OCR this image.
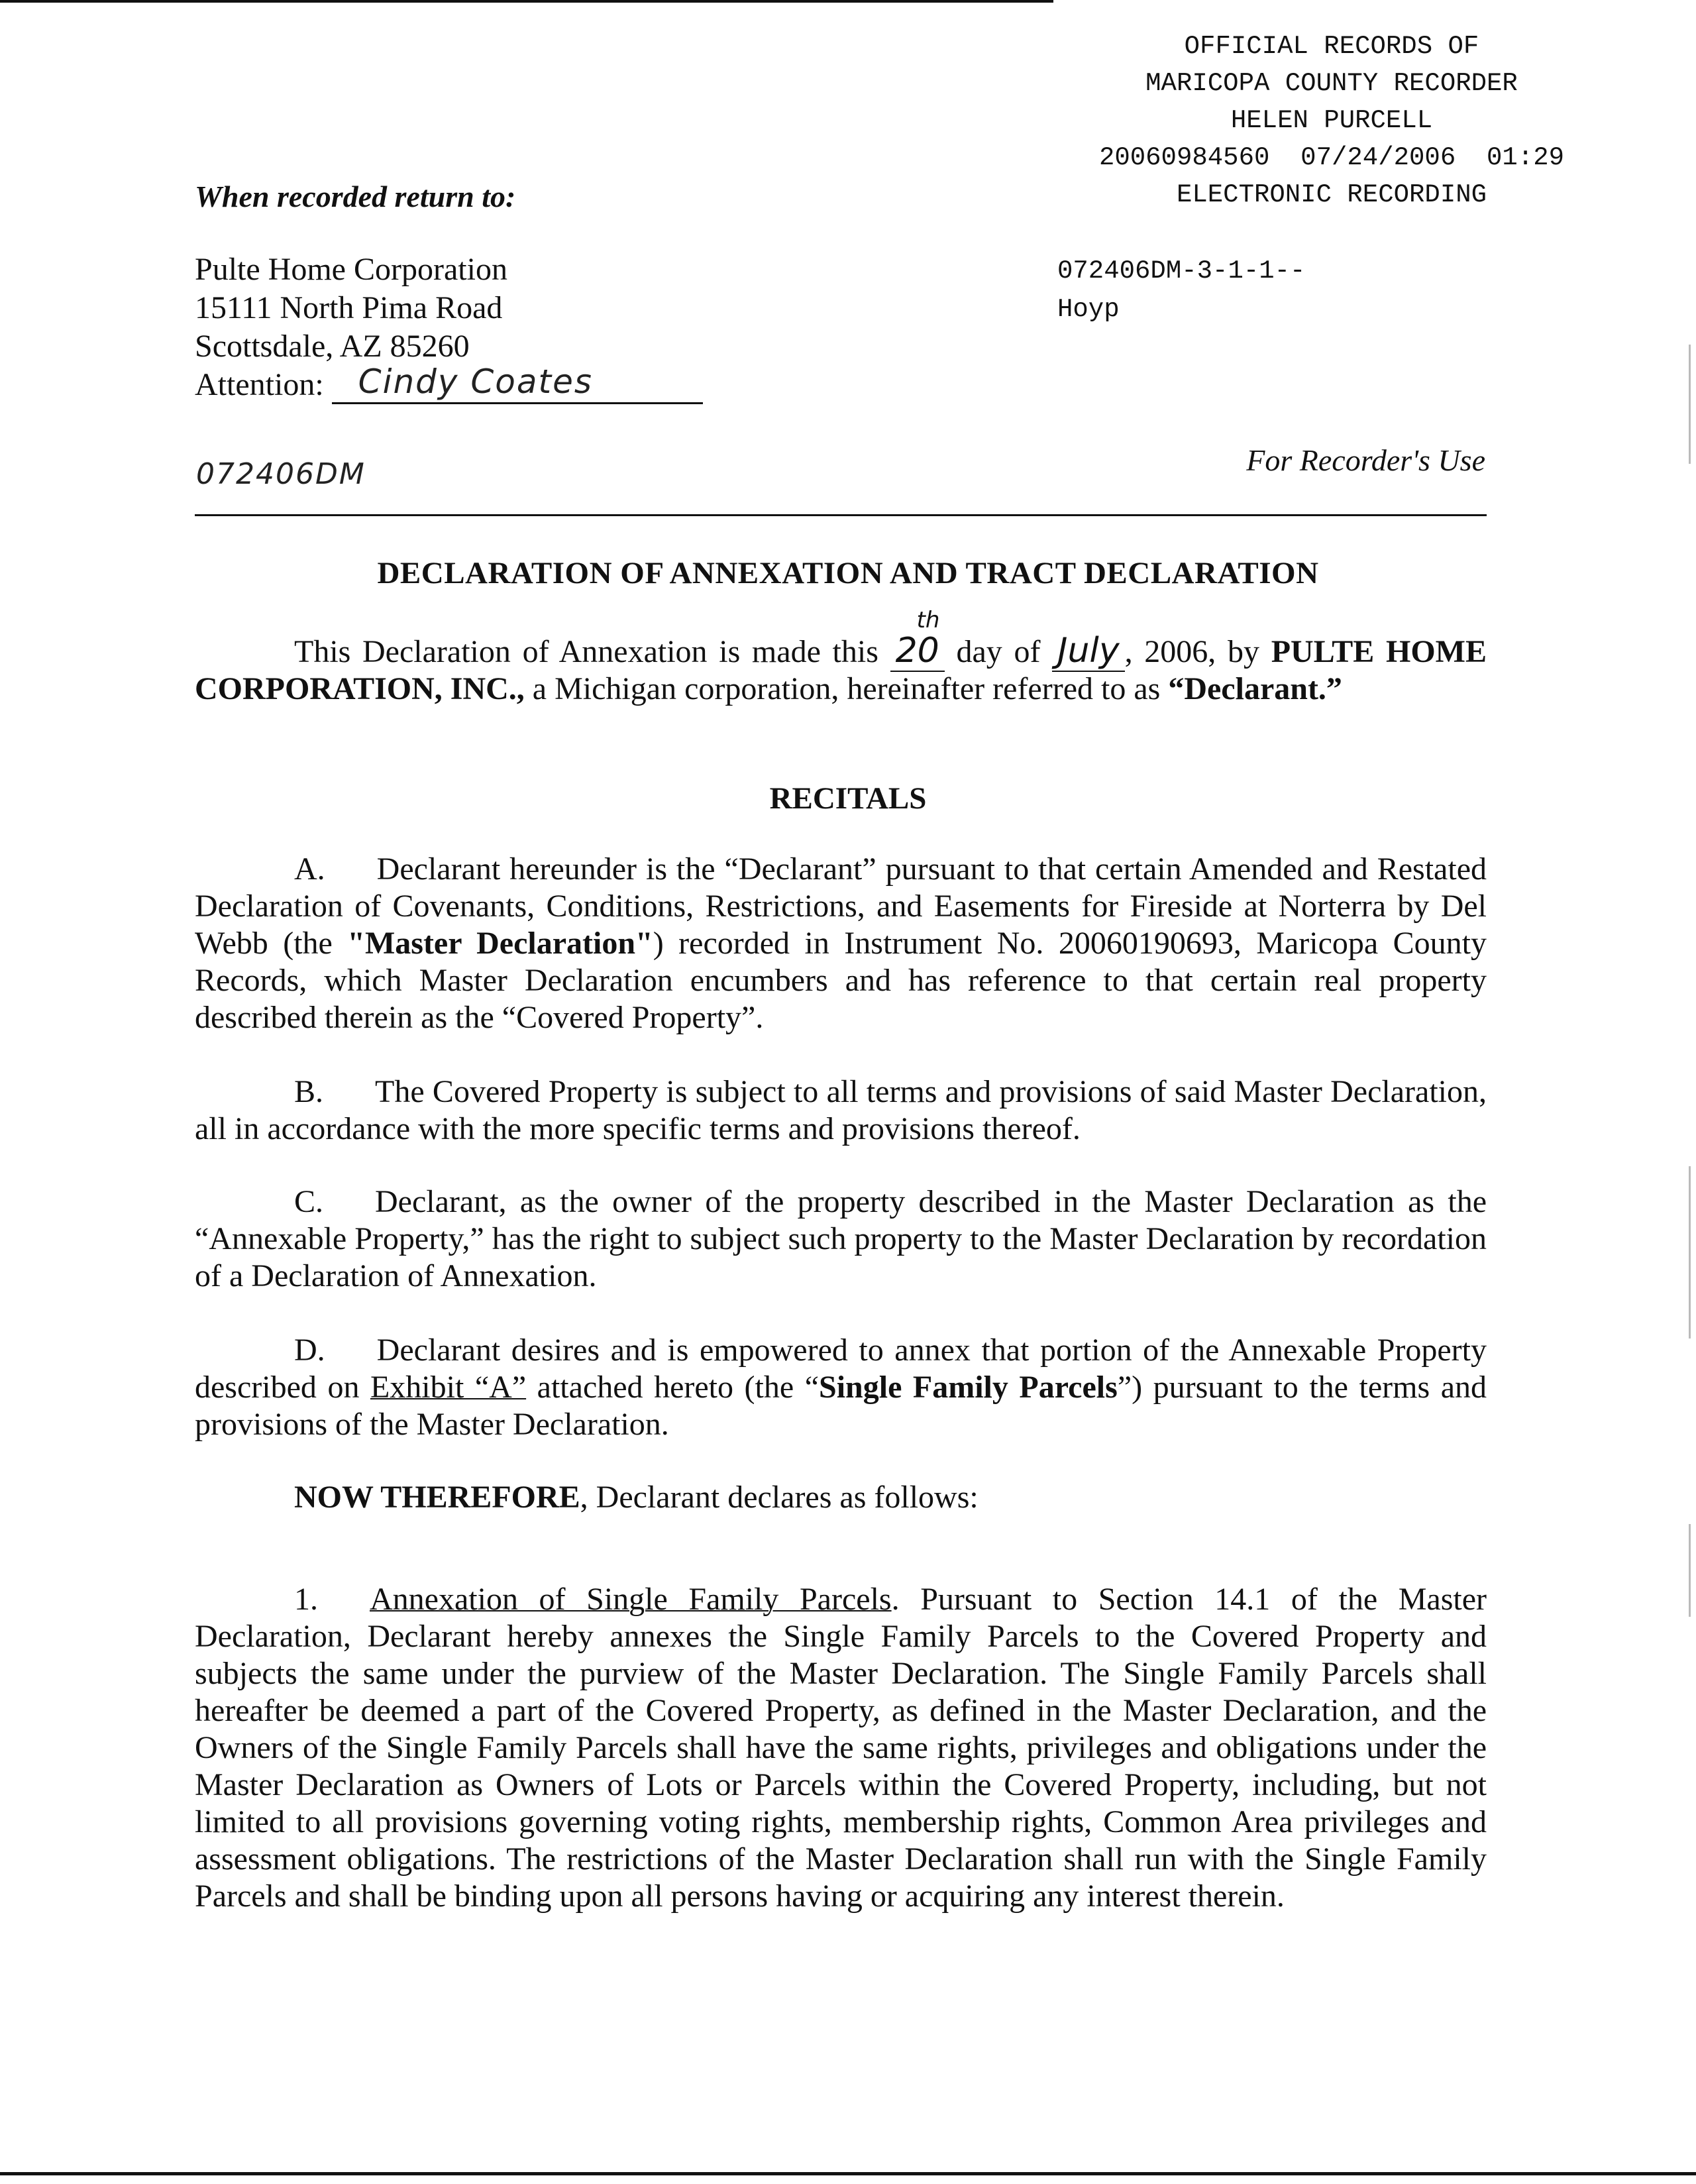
OFFICIAL RECORDS OF
MARICOPA COUNTY RECORDER
HELEN PURCELL
20060984560  07/24/2006  01:29
ELECTRONIC RECORDING
When recorded return to:
Pulte Home Corporation
15111 North Pima Road
Scottsdale, AZ 85260
Attention: Cindy Coates
072406DM-3-1-1--
Hoyp
072406DM	For Recorder's Use
DECLARATION OF ANNEXATION AND TRACT DECLARATION
This Declaration of Annexation is made this 20
th
day of July , 2006, by PULTE HOME CORPORATION, INC., a Michigan corporation, hereinafter referred to as “Declarant.”
RECITALS
A. Declarant hereunder is the “Declarant” pursuant to that certain Amended and Restated Declaration of Covenants, Conditions, Restrictions, and Easements for Fireside at Norterra by Del Webb (the "Master Declaration") recorded in Instrument No. 20060190693, Maricopa County Records, which Master Declaration encumbers and has reference to that certain real property described therein as the “Covered Property”.
B. The Covered Property is subject to all terms and provisions of said Master Declaration, all in accordance with the more specific terms and provisions thereof.
C. Declarant, as the owner of the property described in the Master Declaration as the “Annexable Property,” has the right to subject such property to the Master Declaration by recordation of a Declaration of Annexation.
D. Declarant desires and is empowered to annex that portion of the Annexable Property described on Exhibit “A” attached hereto (the “Single Family Parcels”) pursuant to the terms and provisions of the Master Declaration.
NOW THEREFORE, Declarant declares as follows:
1. Annexation of Single Family Parcels. Pursuant to Section 14.1 of the Master Declaration, Declarant hereby annexes the Single Family Parcels to the Covered Property and subjects the same under the purview of the Master Declaration. The Single Family Parcels shall hereafter be deemed a part of the Covered Property, as defined in the Master Declaration, and the Owners of the Single Family Parcels shall have the same rights, privileges and obligations under the Master Declaration as Owners of Lots or Parcels within the Covered Property, including, but not limited to all provisions governing voting rights, membership rights, Common Area privileges and assessment obligations. The restrictions of the Master Declaration shall run with the Single Family Parcels and shall be binding upon all persons having or acquiring any interest therein.
